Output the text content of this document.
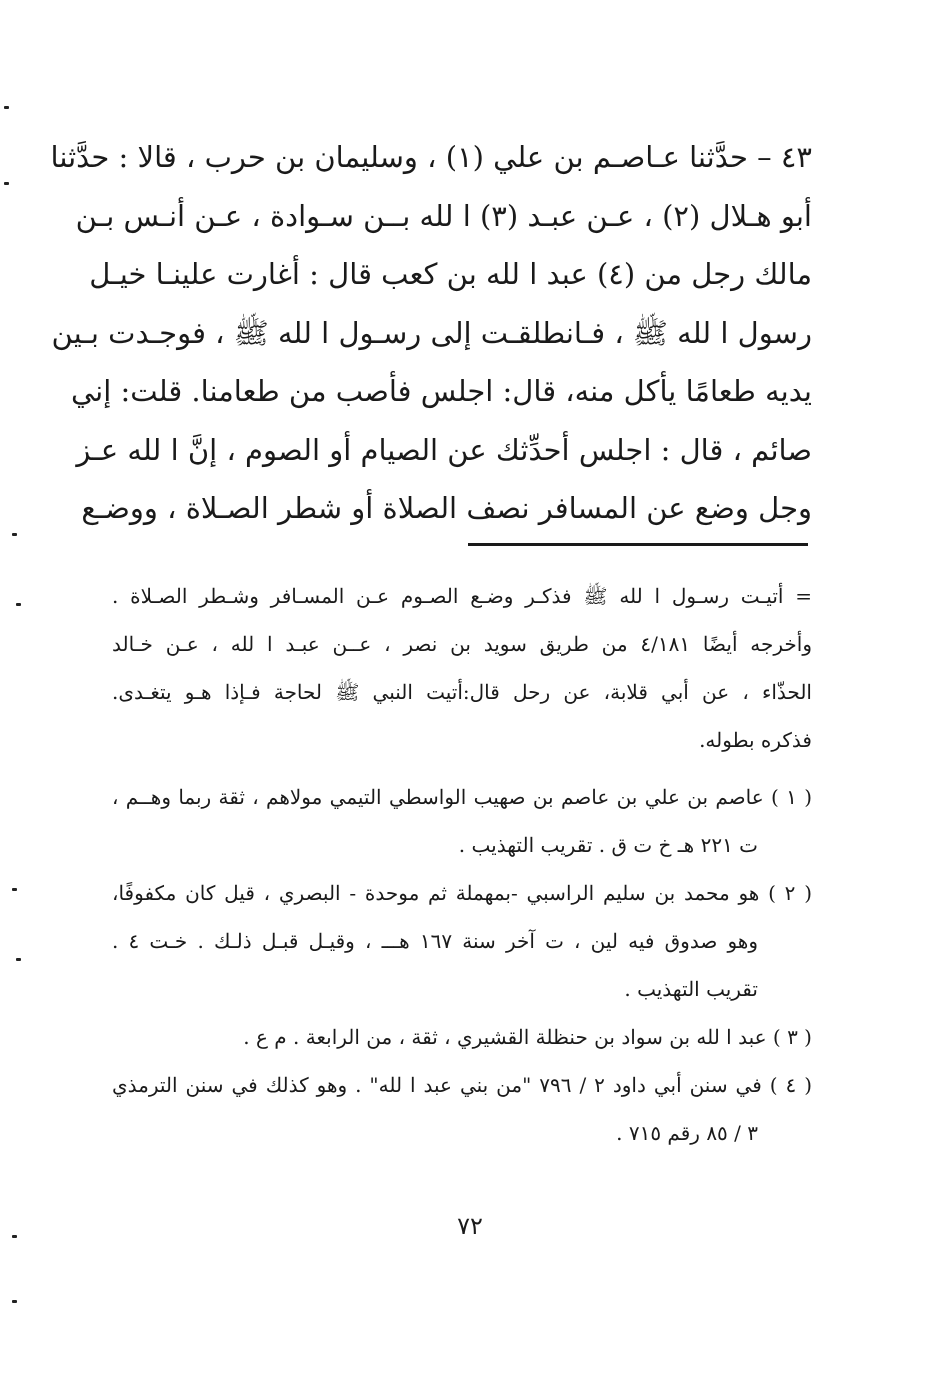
٤٣ – حدَّثنا عـاصـم بن علي (١) ، وسليمان بن حرب ، قالا : حدَّثنا
أبو هـلال (٢) ، عـن عبـد (٣) ا لله بــن سـوادة ، عـن أنـس بـن
مالك رجل من (٤) عبد ا لله بن كعب قال : أغارت علينـا خيـل
رسول ا لله ﷺ ، فـانطلقـت إلى رسـول ا لله ﷺ ، فوجـدت بـين
يديه طعامًا يأكل منه، قال: اجلس فأصب من طعامنا. قلت: إني
صائم ، قال : اجلس أحدِّثك عن الصيام أو الصوم ، إنَّ ا لله عـز
وجل وضع عن المسافر نصف الصلاة أو شطر الصـلاة ، ووضـع
= أتيـت رسـول ا لله ﷺ فذكـر وضـع الصـوم عـن المسـافر وشـطر الصـلاة .
وأخرجه أيضًا ٤/١٨١ من طريق سويد بن نصر ، عــن عبـد ا لله ، عـن خـالد
الحذّاء ، عن أبي قلابة، عن رحل قال:أتيت النبي ﷺ لحاجة فـإذا هـو يتغـدى.
فذكره بطوله.
( ١ ) عاصم بن علي بن عاصم بن صهيب الواسطي التيمي مولاهم ، ثقة ربما وهــم ،
ت ٢٢١ هـ خ ت ق . تقريب التهذيب .
( ٢ ) هو محمد بن سليم الراسبي -بمهملة ثم موحدة - البصري ، قيل كان مكفوفًا،
وهو صدوق فيه لين ، ت آخر سنة ١٦٧ هـــ ، وقيـل قبـل ذلـك . خـت ٤ .
تقريب التهذيب .
( ٣ ) عبد ا لله بن سواد بن حنظلة القشيري ، ثقة ، من الرابعة . م ع .
( ٤ ) في سنن أبي داود ٢ / ٧٩٦ "من بني عبد ا لله" . وهو كذلك في سنن الترمذي
٣ / ٨٥ رقم ٧١٥ .
٧٢
